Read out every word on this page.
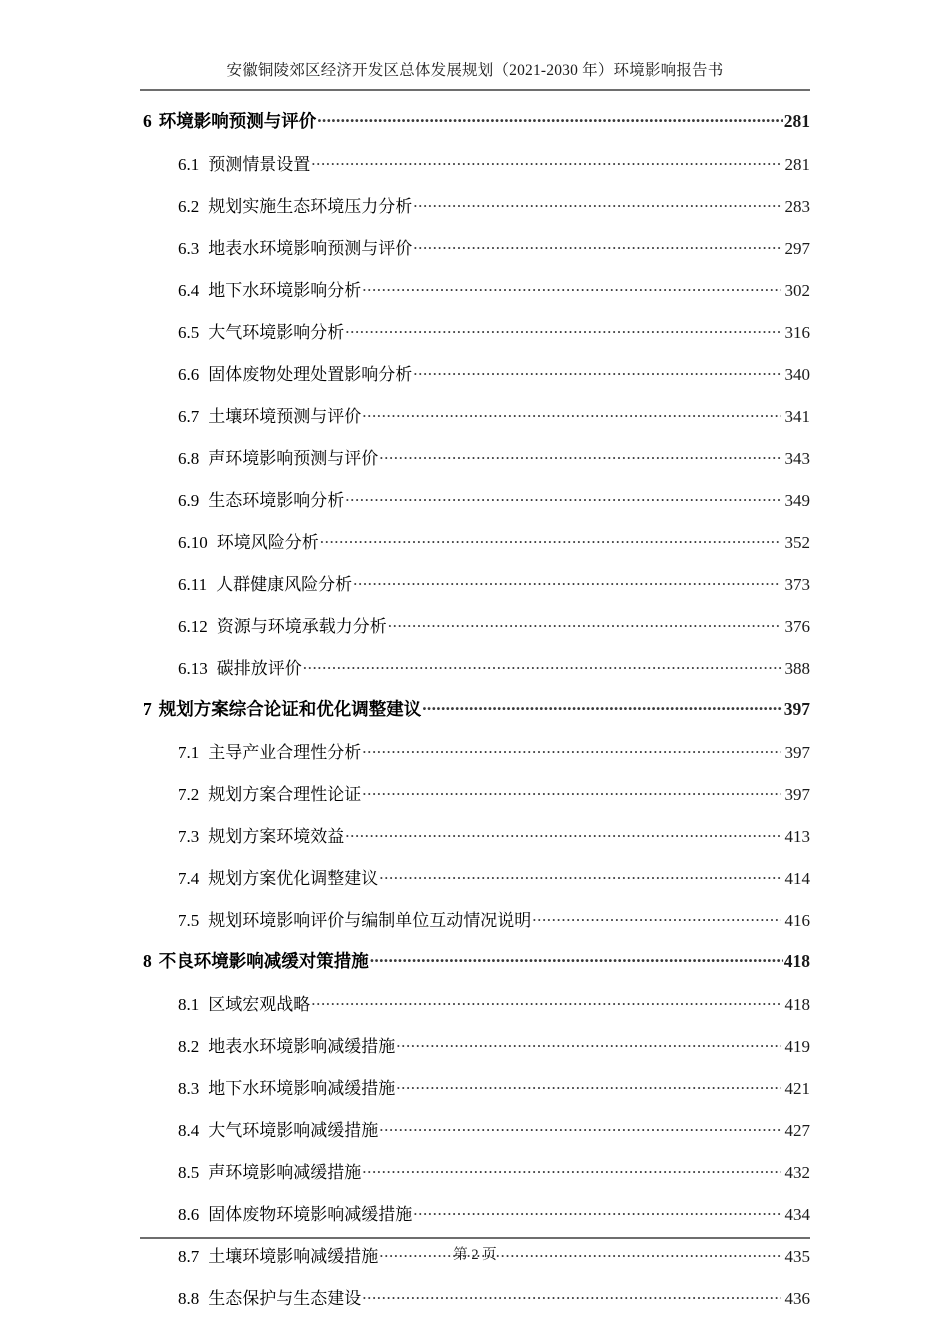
安徽铜陵郊区经济开发区总体发展规划（2021-2030 年）环境影响报告书
6 环境影响预测与评价 .....	281
6.1 预测情景设置 .....	281
6.2 规划实施生态环境压力分析 .....	283
6.3 地表水环境影响预测与评价 .....	297
6.4 地下水环境影响分析 .....	302
6.5 大气环境影响分析 .....	316
6.6 固体废物处理处置影响分析 .....	340
6.7 土壤环境预测与评价 .....	341
6.8 声环境影响预测与评价 .....	343
6.9 生态环境影响分析 .....	349
6.10 环境风险分析 .....	352
6.11 人群健康风险分析 .....	373
6.12 资源与环境承载力分析 .....	376
6.13 碳排放评价 .....	388
7 规划方案综合论证和优化调整建议 .....	397
7.1 主导产业合理性分析 .....	397
7.2 规划方案合理性论证 .....	397
7.3 规划方案环境效益 .....	413
7.4 规划方案优化调整建议 .....	414
7.5 规划环境影响评价与编制单位互动情况说明 .....	416
8 不良环境影响减缓对策措施 .....	418
8.1 区域宏观战略 .....	418
8.2 地表水环境影响减缓措施 .....	419
8.3 地下水环境影响减缓措施 .....	421
8.4 大气环境影响减缓措施 .....	427
8.5 声环境影响减缓措施 .....	432
8.6 固体废物环境影响减缓措施 .....	434
8.7 土壤环境影响减缓措施 .....	435
8.8 生态保护与生态建设 .....	436
第 2 页
